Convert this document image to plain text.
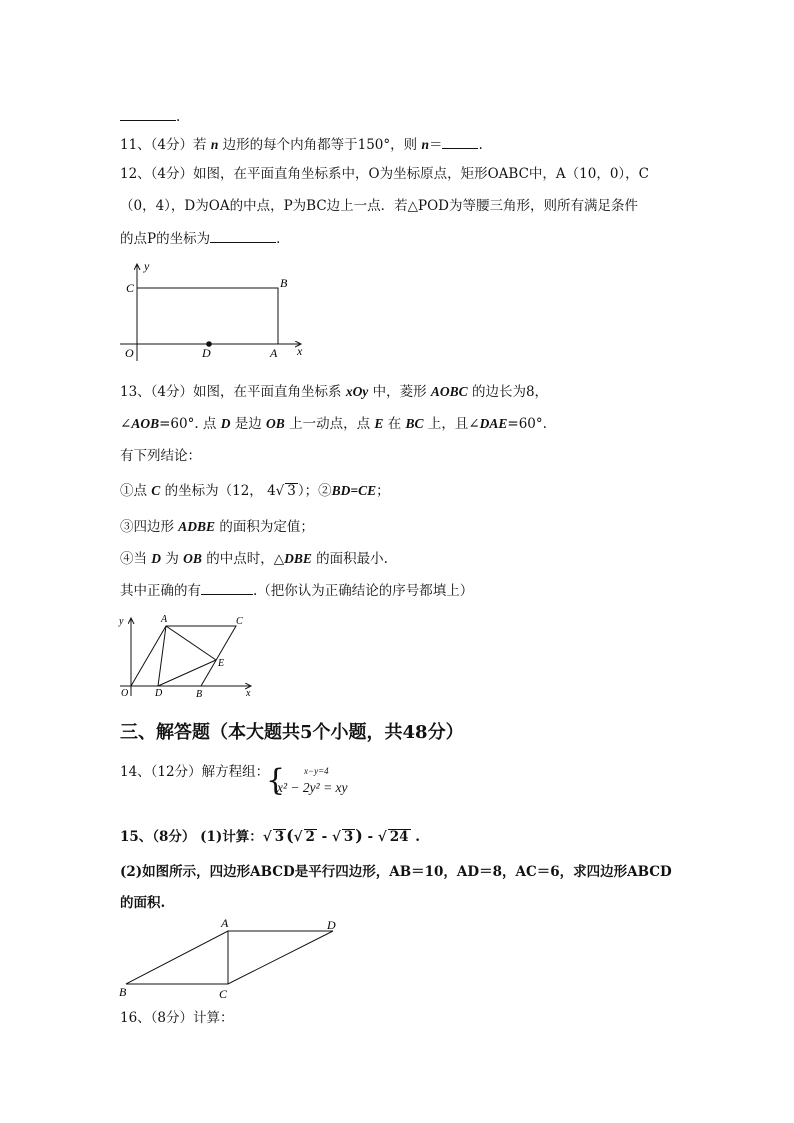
.
11、（4分）若 n 边形的每个内角都等于150°，则 n＝	.
12、（4分）如图，在平面直角坐标系中，O为坐标原点，矩形OABC中，A（10，0），C
（0，4），D为OA的中点，P为BC边上一点．若△POD为等腰三角形，则所有满足条件
的点P的坐标为	．
y
C	B
O	D	A x
13、（4分）如图，在平面直角坐标系 xOy 中，菱形 AOBC 的边长为8，
∠AOB=60°. 点 D 是边 OB 上一动点，点 E 在 BC 上，且∠DAE=60°.
有下列结论：
①点 C 的坐标为（12， 4√ 3 ）；②BD=CE；
③四边形 ADBE 的面积为定值；
④当 D 为 OB 的中点时，△DBE 的面积最小.
其中正确的有	.（把你认为正确结论的序号都填上）
y	A	C
E
O	D	B	x
三、解答题（本大题共5个小题，共48分）
14、（12分）解方程组：
{ x−y=4
x² − 2y² = xy
15、（8分） (1)计算：√ 3 (√ 2 - √ 3 ) - √ 24 .
(2)如图所示，四边形ABCD是平行四边形，AB＝10，AD＝8，AC＝6，求四边形ABCD
的面积.
A	D
B	C
16、（8分）计算：
